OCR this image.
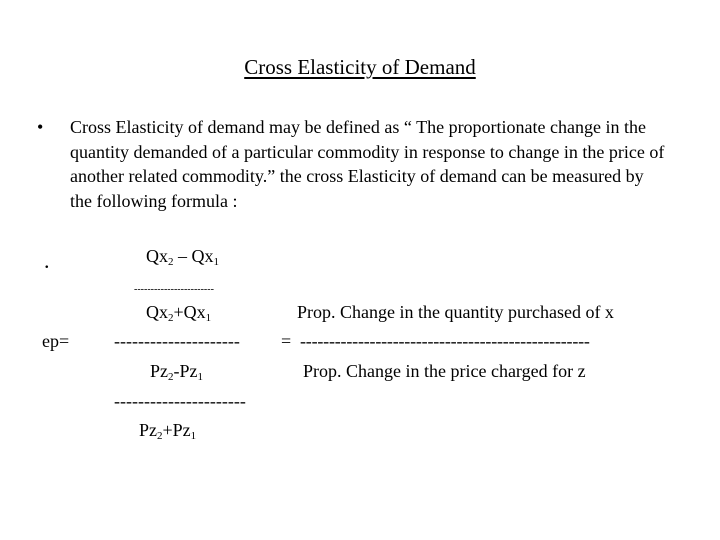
Cross Elasticity of Demand
• Cross Elasticity of demand may be defined as “ The proportionate change in the quantity demanded of a particular commodity in response to change in the price of another related commodity.” the cross Elasticity of demand can be measured by the following formula :
.	$Qx_2 - Qx_1$
------------------------
$Qx_2+Qx_1$
ep= ---------------------
$Pz_2-Pz_1$
----------------------
$Pz_2+Pz_1$
Prop. Change in the quantity purchased of x
= --------------------------------------------------
Prop. Change in the price charged for z
